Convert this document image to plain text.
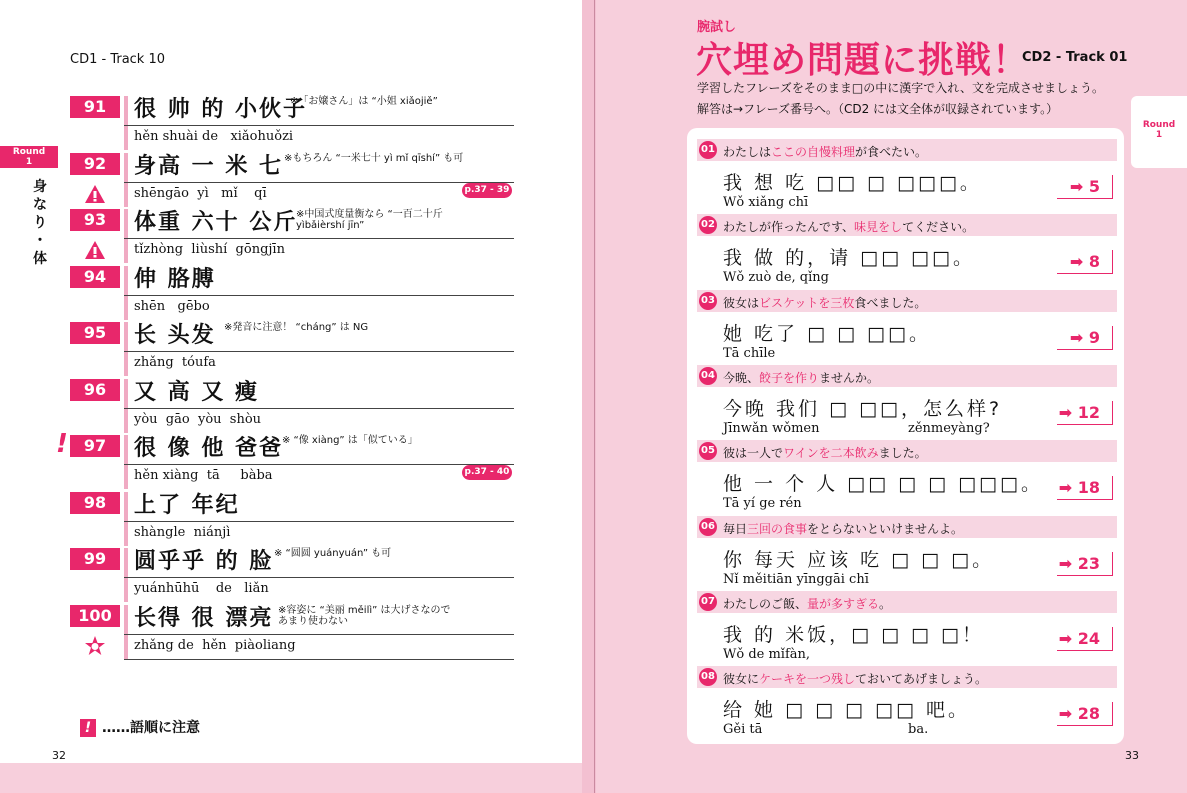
CD1 - Track 10
Round
1
身
な
り
・
体
91	很 帅 的 小伙子
※「お嬢さん」は “小姐 xiǎojiě”
hěn shuài de   xiǎohuǒzi
92	身高 一 米 七 ※もちろん “一米七十 yì mǐ qīshí” も可
shēngāo  yì   mǐ    qī	p.37 - 39
93	体重 六十 公斤
※中国式度量衡なら “一百二十斤
yìbǎièrshí jīn”
tǐzhòng  liùshí  gōngjīn
94	伸 胳膊
shēn   gēbo
95	长 头发 ※発音に注意！ “cháng” は NG
zhǎng  tóufa
96	又 高 又 瘦
yòu  gāo  yòu  shòu
97	很 像 他 爸爸 ※ “像 xiàng” は「似ている」
hěn xiàng  tā     bàba	p.37 - 40
!
98	上了 年纪
shàngle  niánjì
99	圆乎乎 的 脸 ※ “圆圆 yuányuán” も可
yuánhūhū    de   liǎn
100	长得 很 漂亮 ※容姿に “美丽 měilì” は大げさなので
あまり使わない
zhǎng de  hěn  piàoliang
! ……語順に注意
32
腕試し
穴埋め問題に挑戦！
CD2 - Track 01
学習したフレーズをそのまま□の中に漢字で入れ、文を完成させましょう。
解答は→フレーズ番号へ。（CD2 には文全体が収録されています。）
Round
1
01 わたしはここの自慢料理が食べたい。
我 想 吃 □□ □ □□□。
Wǒ xiǎng chī
➡ 5
02 わたしが作ったんです、味見をしてください。
我 做 的，请 □□ □□。
Wǒ zuò de, qǐng
➡ 8
03 彼女はビスケットを三枚食べました。
她 吃了 □ □ □□。
Tā chīle
➡ 9
04 今晩、餃子を作りませんか。
今晚 我们 □ □□，怎么样?
Jīnwǎn wǒmen	zěnmeyàng?
➡ 12
05 彼は一人でワインを二本飲みました。
他 一 个 人 □□ □ □ □□□。
Tā yí ge rén
➡ 18
06 毎日三回の食事をとらないといけませんよ。
你 每天 应该 吃 □ □ □。
Nǐ měitiān yīnggāi chī
➡ 23
07 わたしのご飯、量が多すぎる。
我 的 米饭，□ □ □ □！
Wǒ de mǐfàn,
➡ 24
08 彼女にケーキを一つ残しておいてあげましょう。
给 她 □ □ □ □□ 吧。
Gěi tā	ba.
➡ 28
33
